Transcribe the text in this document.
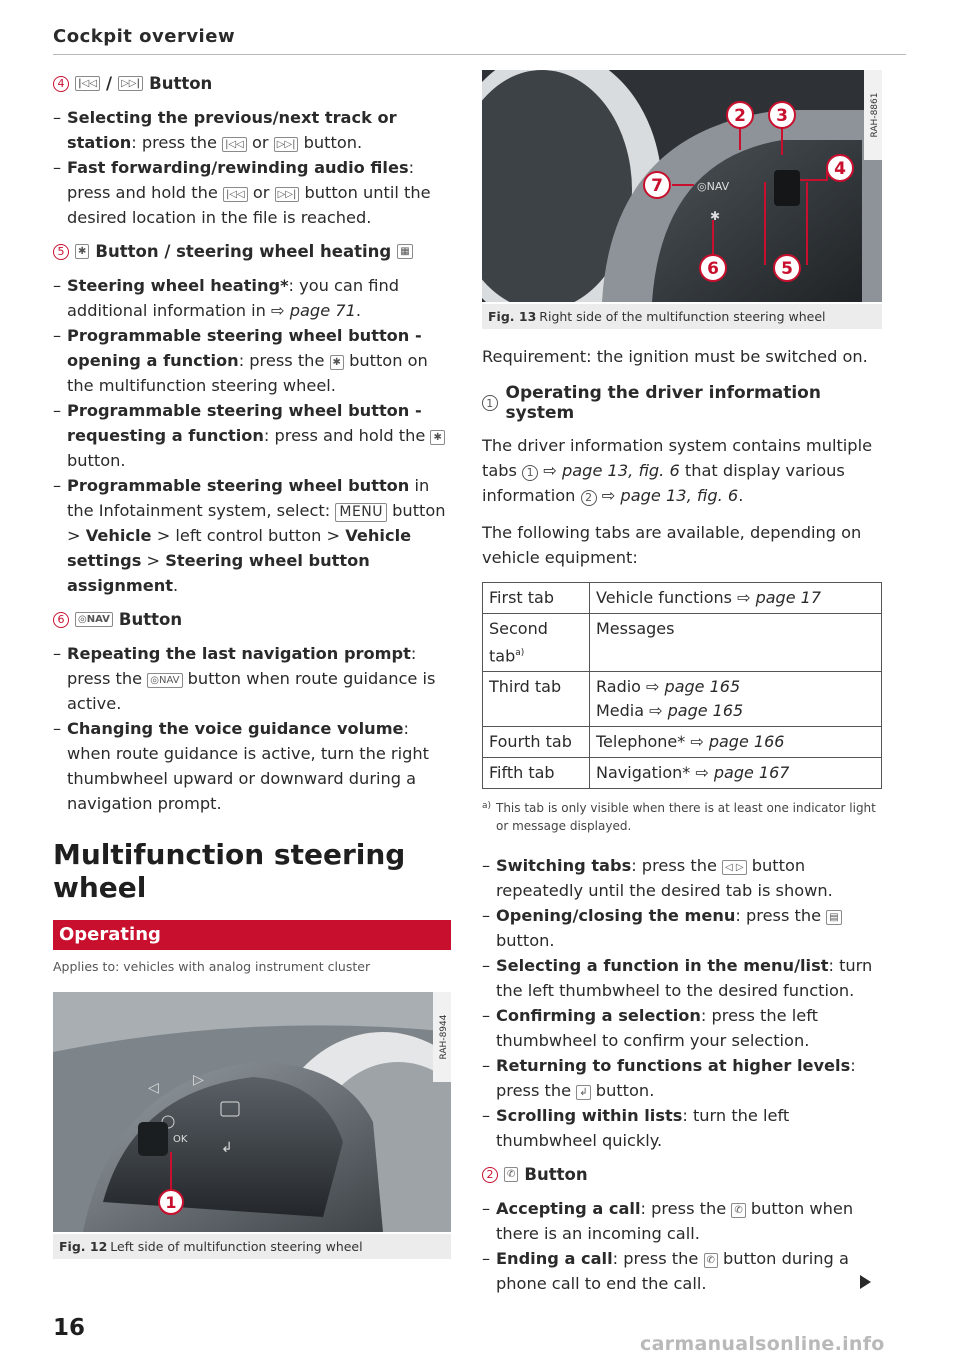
Cockpit overview
4	|◁◁ / ▷▷| Button
– Selecting the previous/next track or station: press the |◁◁ or ▷▷| button.
– Fast forwarding/rewinding audio files: press and hold the |◁◁ or ▷▷| button until the desired location in the file is reached.
5	✱ Button / steering wheel heating ▦
– Steering wheel heating*: you can find additional information in ⇨ page 71.
– Programmable steering wheel button - opening a function: press the ✱ button on the multifunction steering wheel.
– Programmable steering wheel button - requesting a function: press and hold the ✱ button.
– Programmable steering wheel button in the Infotainment system, select: MENU button > Vehicle > left control button > Vehicle settings > Steering wheel button assignment.
6	◎NAV Button
– Repeating the last navigation prompt: press the ◎NAV button when route guidance is active.
– Changing the voice guidance volume: when route guidance is active, turn the right thumbwheel upward or downward during a navigation prompt.
Multifunction steering wheel
Operating
Applies to: vehicles with analog instrument cluster
◁ ▷
OK
↲
1
RAH-8944
Fig. 12 Left side of multifunction steering wheel
◎NAV
✱
2 3
4
5
6
7
RAH-8861
Fig. 13 Right side of the multifunction steering wheel

Requirement: the ignition must be switched on.

1 Operating the driver information system

The driver information system contains multiple tabs 1 ⇨ page 13, fig. 6 that display various information 2 ⇨ page 13, fig. 6.

The following tabs are available, depending on vehicle equipment:

First tab	Vehicle functions ⇨ page 17
Second tab$^{a)}$	Messages
Third tab	Radio ⇨ page 165
Media ⇨ page 165
Fourth tab	Telephone* ⇨ page 166
Fifth tab	Navigation* ⇨ page 167
a) This tab is only visible when there is at least one indicator light or message displayed.
– Switching tabs: press the ◁ ▷ button repeatedly until the desired tab is shown.
– Opening/closing the menu: press the ▤ button.
– Selecting a function in the menu/list: turn the left thumbwheel to the desired function.
– Confirming a selection: press the left thumbwheel to confirm your selection.
– Returning to functions at higher levels: press the ↲ button.
– Scrolling within lists: turn the left thumbwheel quickly.
2	✆ Button
– Accepting a call: press the ✆ button when there is an incoming call.
– Ending a call: press the ✆ button during a phone call to end the call.
16
carmanualsonline.info
